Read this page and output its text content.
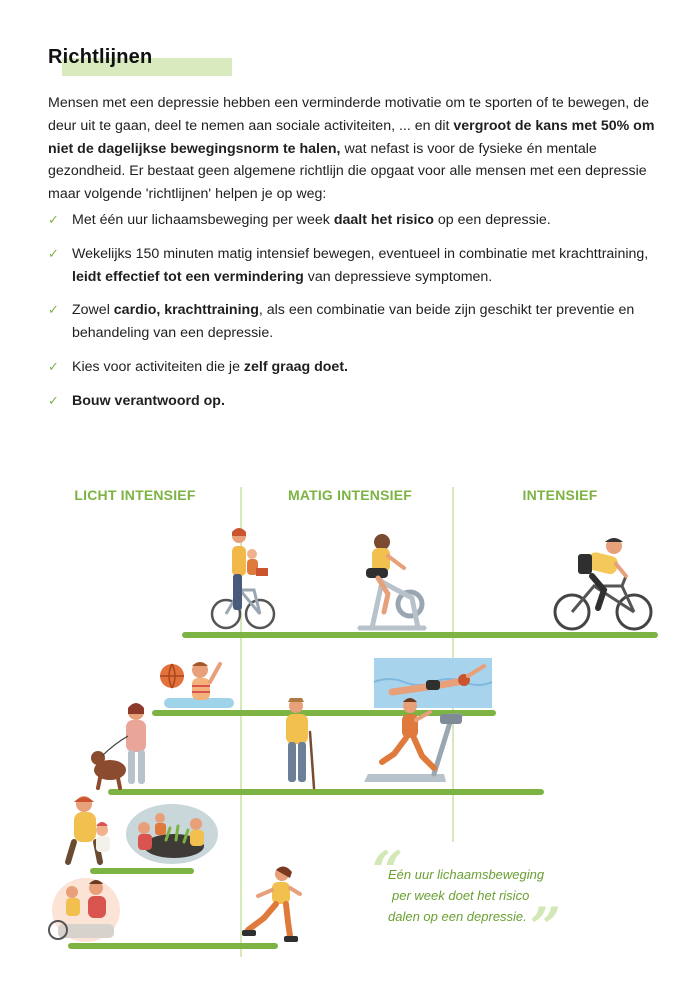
Richtlijnen
Mensen met een depressie hebben een verminderde motivatie om te sporten of te bewegen, de deur uit te gaan, deel te nemen aan sociale activiteiten, ... en dit vergroot de kans met 50% om niet de dagelijkse bewegingsnorm te halen, wat nefast is voor de fysieke én mentale gezondheid. Er bestaat geen algemene richtlijn die opgaat voor alle mensen met een depressie maar volgende 'richtlijnen' helpen je op weg:
✓ Met één uur lichaamsbeweging per week daalt het risico op een depressie.
✓ Wekelijks 150 minuten matig intensief bewegen, eventueel in combinatie met krachttraining, leidt effectief tot een vermindering van depressieve symptomen.
✓ Zowel cardio, krachttraining, als een combinatie van beide zijn geschikt ter preventie en behandeling van een depressie.
✓ Kies voor activiteiten die je zelf graag doet.
✓ Bouw verantwoord op.
LICHT INTENSIEF	MATIG INTENSIEF	INTENSIEF
“
Eén uur lichaamsbeweging
per week doet het risico
dalen op een depressie. ”
